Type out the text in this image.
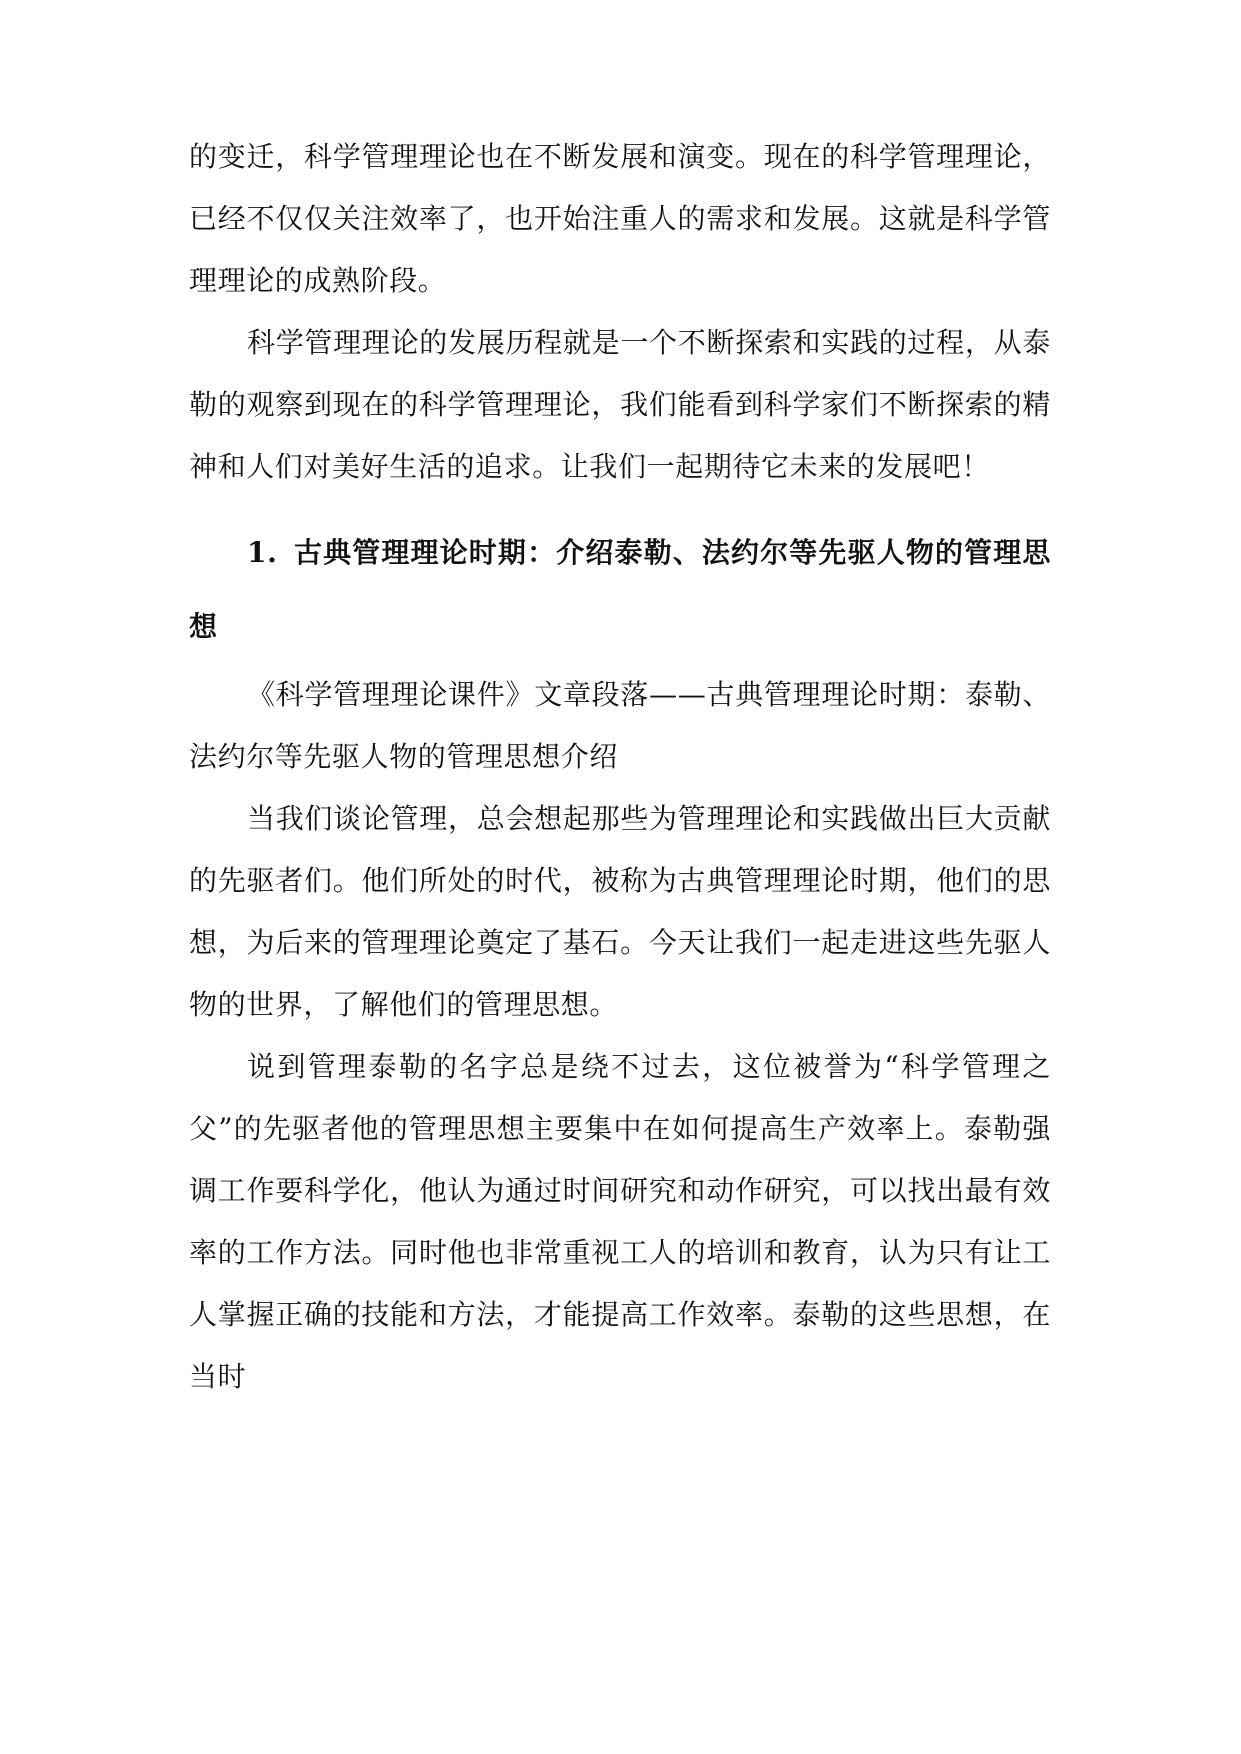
的变迁，科学管理理论也在不断发展和演变。现在的科学管理理论，已经不仅仅关注效率了，也开始注重人的需求和发展。这就是科学管理理论的成熟阶段。

科学管理理论的发展历程就是一个不断探索和实践的过程，从泰勒的观察到现在的科学管理理论，我们能看到科学家们不断探索的精神和人们对美好生活的追求。让我们一起期待它未来的发展吧！

1. 古典管理理论时期：介绍泰勒、法约尔等先驱人物的管理思想

《科学管理理论课件》文章段落——古典管理理论时期：泰勒、法约尔等先驱人物的管理思想介绍

当我们谈论管理，总会想起那些为管理理论和实践做出巨大贡献的先驱者们。他们所处的时代，被称为古典管理理论时期，他们的思想，为后来的管理理论奠定了基石。今天让我们一起走进这些先驱人物的世界，了解他们的管理思想。

说到管理泰勒的名字总是绕不过去，这位被誉为“科学管理之父”的先驱者他的管理思想主要集中在如何提高生产效率上。泰勒强调工作要科学化，他认为通过时间研究和动作研究，可以找出最有效率的工作方法。同时他也非常重视工人的培训和教育，认为只有让工人掌握正确的技能和方法，才能提高工作效率。泰勒的这些思想，在当时
